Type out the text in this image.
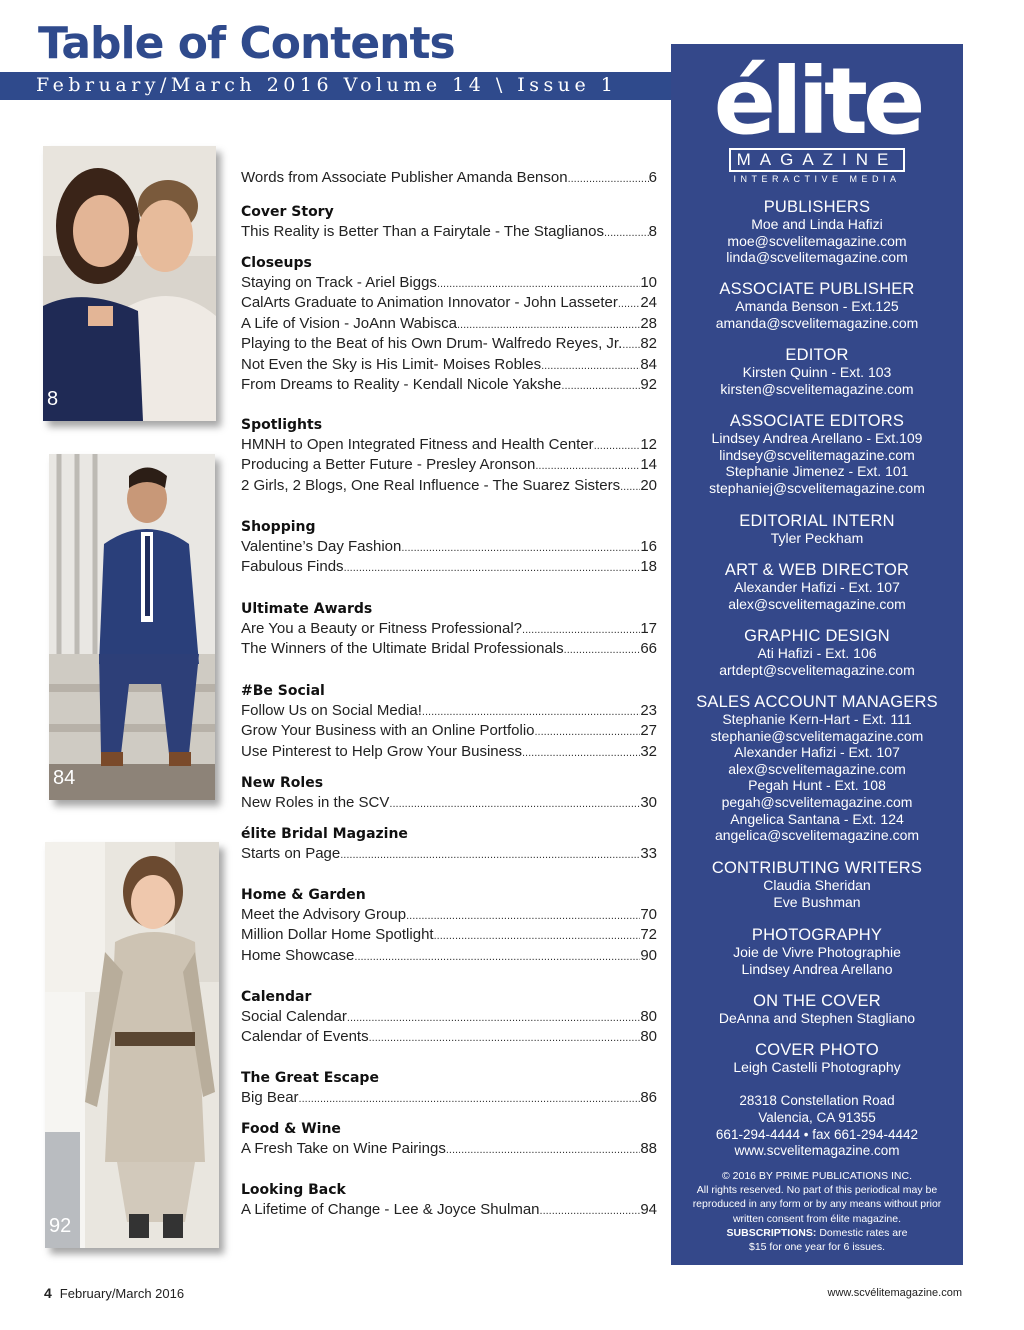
Table of Contents
February/March 2016 Volume 14 \ Issue 1
8
84
92
Words from Associate Publisher Amanda Benson .....	6
Cover Story
This Reality is Better Than a Fairytale - The Staglianos .....	8
Closeups
Staying on Track - Ariel Biggs .....	10
CalArts Graduate to Animation Innovator - John Lasseter ..... 24
A Life of Vision - JoAnn Wabisca .....	28
Playing to the Beat of his Own Drum- Walfredo Reyes, Jr. ..... 82
Not Even the Sky is His Limit- Moises Robles .....	84
From Dreams to Reality - Kendall Nicole Yakshe .....	92
Spotlights
HMNH to Open Integrated Fitness and Health Center .....	12
Producing a Better Future - Presley Aronson .....	14
2 Girls, 2 Blogs, One Real Influence - The Suarez Sisters ..... 20
Shopping
Valentine’s Day Fashion .....	16
Fabulous Finds .....	18
Ultimate Awards
Are You a Beauty or Fitness Professional? .....	17
The Winners of the Ultimate Bridal Professionals .....	66
#Be Social
Follow Us on Social Media! .....	23
Grow Your Business with an Online Portfolio .....	27
Use Pinterest to Help Grow Your Business .....	32
New Roles
New Roles in the SCV .....	30
élite Bridal Magazine
Starts on Page .....	33
Home & Garden
Meet the Advisory Group .....	70
Million Dollar Home Spotlight .....	72
Home Showcase .....	90
Calendar
Social Calendar .....	80
Calendar of Events .....	80
The Great Escape
Big Bear .....	86
Food & Wine
A Fresh Take on Wine Pairings .....	88
Looking Back
A Lifetime of Change - Lee & Joyce Shulman .....	94
élite
MAGAZINE
INTERACTIVE MEDIA
PUBLISHERS
Moe and Linda Hafizi
moe@scvelitemagazine.com
linda@scvelitemagazine.com
ASSOCIATE PUBLISHER
Amanda Benson - Ext.125
amanda@scvelitemagazine.com
EDITOR
Kirsten Quinn - Ext. 103
kirsten@scvelitemagazine.com
ASSOCIATE EDITORS
Lindsey Andrea Arellano - Ext.109
lindsey@scvelitemagazine.com
Stephanie Jimenez - Ext. 101
stephaniej@scvelitemagazine.com
EDITORIAL INTERN
Tyler Peckham
ART & WEB DIRECTOR
Alexander Hafizi - Ext. 107
alex@scvelitemagazine.com
GRAPHIC DESIGN
Ati Hafizi - Ext. 106
artdept@scvelitemagazine.com
SALES ACCOUNT MANAGERS
Stephanie Kern-Hart - Ext. 111
stephanie@scvelitemagazine.com
Alexander Hafizi - Ext. 107
alex@scvelitemagazine.com
Pegah Hunt - Ext. 108
pegah@scvelitemagazine.com
Angelica Santana - Ext. 124
angelica@scvelitemagazine.com
CONTRIBUTING WRITERS
Claudia Sheridan
Eve Bushman
PHOTOGRAPHY
Joie de Vivre Photographie
Lindsey Andrea Arellano
ON THE COVER
DeAnna and Stephen Stagliano
COVER PHOTO
Leigh Castelli Photography
28318 Constellation Road
Valencia, CA 91355
661-294-4444 • fax 661-294-4442
www.scvelitemagazine.com
© 2016 BY PRIME PUBLICATIONS INC.
All rights reserved. No part of this periodical may be
reproduced in any form or by any means without prior
written consent from élite magazine.
SUBSCRIPTIONS: Domestic rates are
$15 for one year for 6 issues.
4 February/March 2016	www.scvélitemagazine.com
